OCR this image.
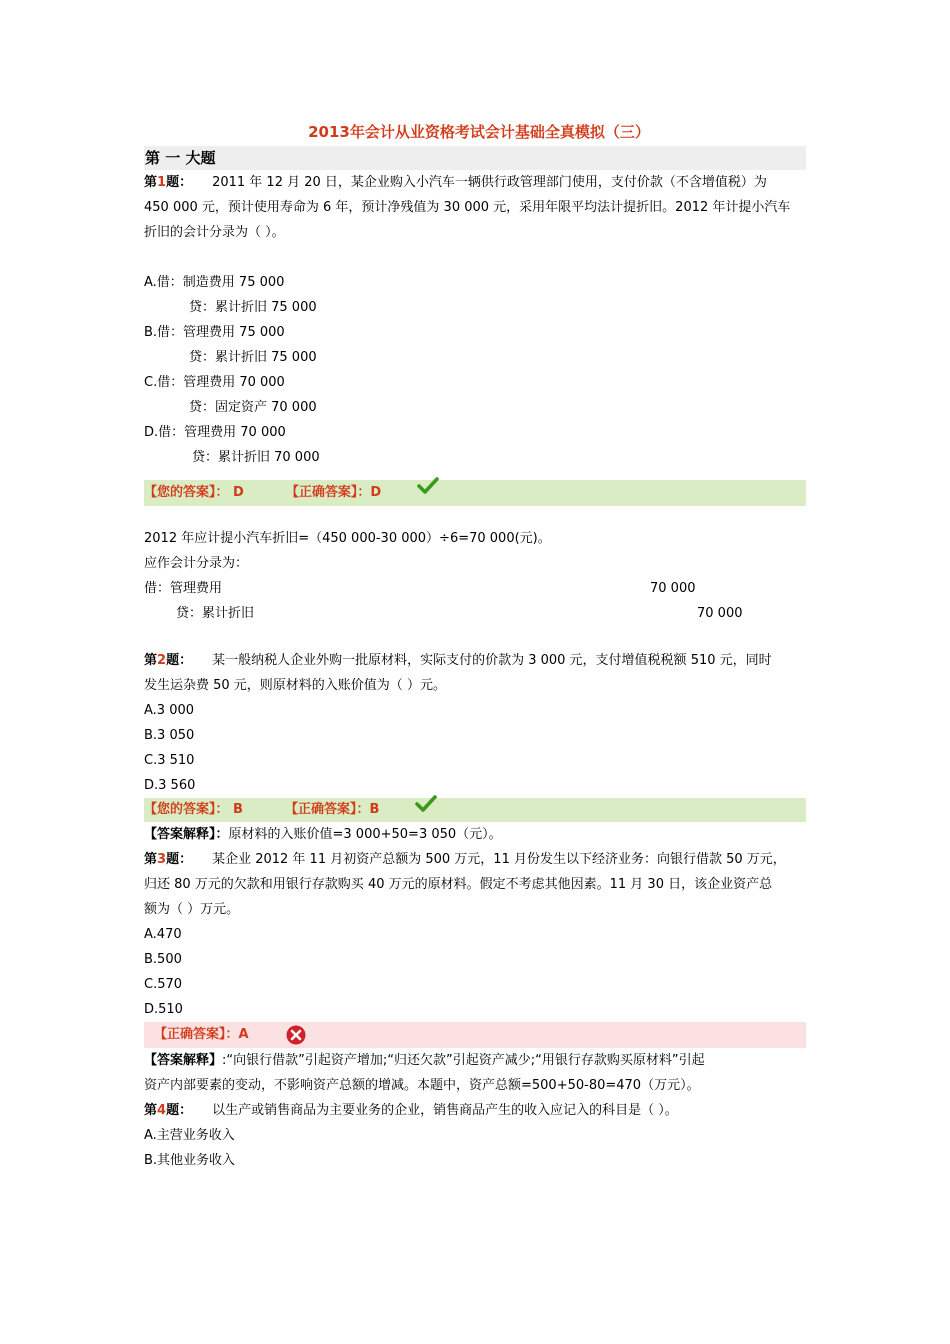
2013年会计从业资格考试会计基础全真模拟（三）
第 一 大题
第1题： 2011 年 12 月 20 日，某企业购入小汽车一辆供行政管理部门使用，支付价款（不含增值税）为
450 000 元，预计使用寿命为 6 年，预计净残值为 30 000 元，采用年限平均法计提折旧。2012 年计提小汽车
折旧的会计分录为（ ）。
A.借：制造费用 75 000
贷：累计折旧 75 000
B.借：管理费用 75 000
贷：累计折旧 75 000
C.借：管理费用 70 000
贷：固定资产 70 000
D.借：管理费用 70 000
贷：累计折旧 70 000
【您的答案】： D	【正确答案】：D
2012 年应计提小汽车折旧=（450 000-30 000）÷6=70 000(元)。
应作会计分录为：
借：管理费用	70 000
贷：累计折旧	70 000
第2题： 某一般纳税人企业外购一批原材料，实际支付的价款为 3 000 元，支付增值税税额 510 元，同时
发生运杂费 50 元，则原材料的入账价值为（ ）元。
A.3 000
B.3 050
C.3 510
D.3 560
【您的答案】： B	【正确答案】：B
【答案解释】：原材料的入账价值=3 000+50=3 050（元）。
第3题： 某企业 2012 年 11 月初资产总额为 500 万元，11 月份发生以下经济业务：向银行借款 50 万元，
归还 80 万元的欠款和用银行存款购买 40 万元的原材料。假定不考虑其他因素。11 月 30 日，该企业资产总
额为（ ）万元。
A.470
B.500
C.570
D.510
【正确答案】：A
【答案解释】:“向银行借款”引起资产增加;“归还欠款”引起资产减少;“用银行存款购买原材料”引起
资产内部要素的变动，不影响资产总额的增减。本题中，资产总额=500+50-80=470（万元）。
第4题： 以生产或销售商品为主要业务的企业，销售商品产生的收入应记入的科目是（ ）。
A.主营业务收入
B.其他业务收入
